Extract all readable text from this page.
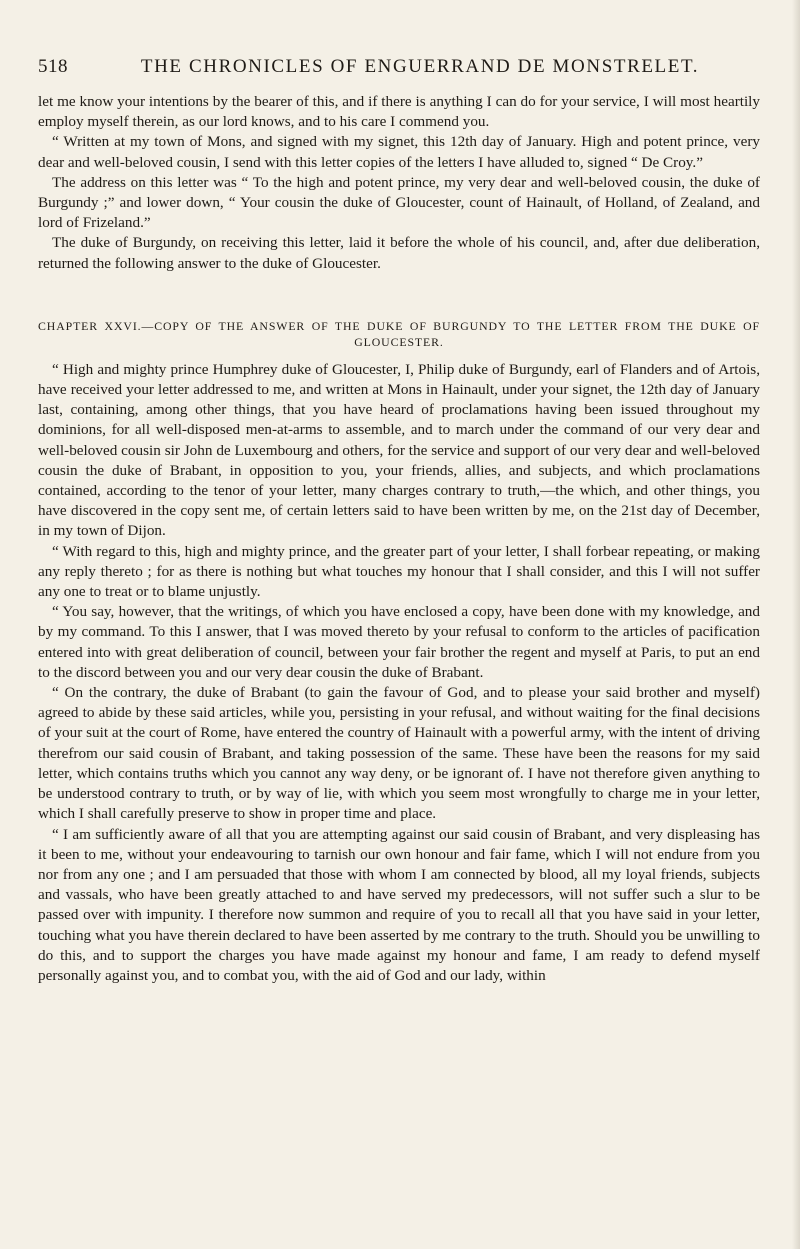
518	THE CHRONICLES OF ENGUERRAND DE MONSTRELET.

let me know your intentions by the bearer of this, and if there is anything I can do for your service, I will most heartily employ myself therein, as our lord knows, and to his care I commend you.

“ Written at my town of Mons, and signed with my signet, this 12th day of January. High and potent prince, very dear and well-beloved cousin, I send with this letter copies of the letters I have alluded to, signed “ De Croy.”

The address on this letter was “ To the high and potent prince, my very dear and well-beloved cousin, the duke of Burgundy ;” and lower down, “ Your cousin the duke of Gloucester, count of Hainault, of Holland, of Zealand, and lord of Frizeland.”

The duke of Burgundy, on receiving this letter, laid it before the whole of his council, and, after due deliberation, returned the following answer to the duke of Gloucester.

CHAPTER XXVI.—COPY OF THE ANSWER OF THE DUKE OF BURGUNDY TO THE LETTER FROM THE DUKE OF GLOUCESTER.

“ High and mighty prince Humphrey duke of Gloucester, I, Philip duke of Burgundy, earl of Flanders and of Artois, have received your letter addressed to me, and written at Mons in Hainault, under your signet, the 12th day of January last, containing, among other things, that you have heard of proclamations having been issued throughout my dominions, for all well-disposed men-at-arms to assemble, and to march under the command of our very dear and well-beloved cousin sir John de Luxembourg and others, for the service and support of our very dear and well-beloved cousin the duke of Brabant, in opposition to you, your friends, allies, and subjects, and which proclamations contained, according to the tenor of your letter, many charges contrary to truth,—the which, and other things, you have discovered in the copy sent me, of certain letters said to have been written by me, on the 21st day of December, in my town of Dijon.

“ With regard to this, high and mighty prince, and the greater part of your letter, I shall forbear repeating, or making any reply thereto ; for as there is nothing but what touches my honour that I shall consider, and this I will not suffer any one to treat or to blame unjustly.

“ You say, however, that the writings, of which you have enclosed a copy, have been done with my knowledge, and by my command. To this I answer, that I was moved thereto by your refusal to conform to the articles of pacification entered into with great deliberation of council, between your fair brother the regent and myself at Paris, to put an end to the discord between you and our very dear cousin the duke of Brabant.

“ On the contrary, the duke of Brabant (to gain the favour of God, and to please your said brother and myself) agreed to abide by these said articles, while you, persisting in your refusal, and without waiting for the final decisions of your suit at the court of Rome, have entered the country of Hainault with a powerful army, with the intent of driving therefrom our said cousin of Brabant, and taking possession of the same. These have been the reasons for my said letter, which contains truths which you cannot any way deny, or be ignorant of. I have not therefore given anything to be understood contrary to truth, or by way of lie, with which you seem most wrongfully to charge me in your letter, which I shall carefully preserve to show in proper time and place.

“ I am sufficiently aware of all that you are attempting against our said cousin of Brabant, and very displeasing has it been to me, without your endeavouring to tarnish our own honour and fair fame, which I will not endure from you nor from any one ; and I am persuaded that those with whom I am connected by blood, all my loyal friends, subjects and vassals, who have been greatly attached to and have served my predecessors, will not suffer such a slur to be passed over with impunity. I therefore now summon and require of you to recall all that you have said in your letter, touching what you have therein declared to have been asserted by me contrary to the truth. Should you be unwilling to do this, and to support the charges you have made against my honour and fame, I am ready to defend myself personally against you, and to combat you, with the aid of God and our lady, within
